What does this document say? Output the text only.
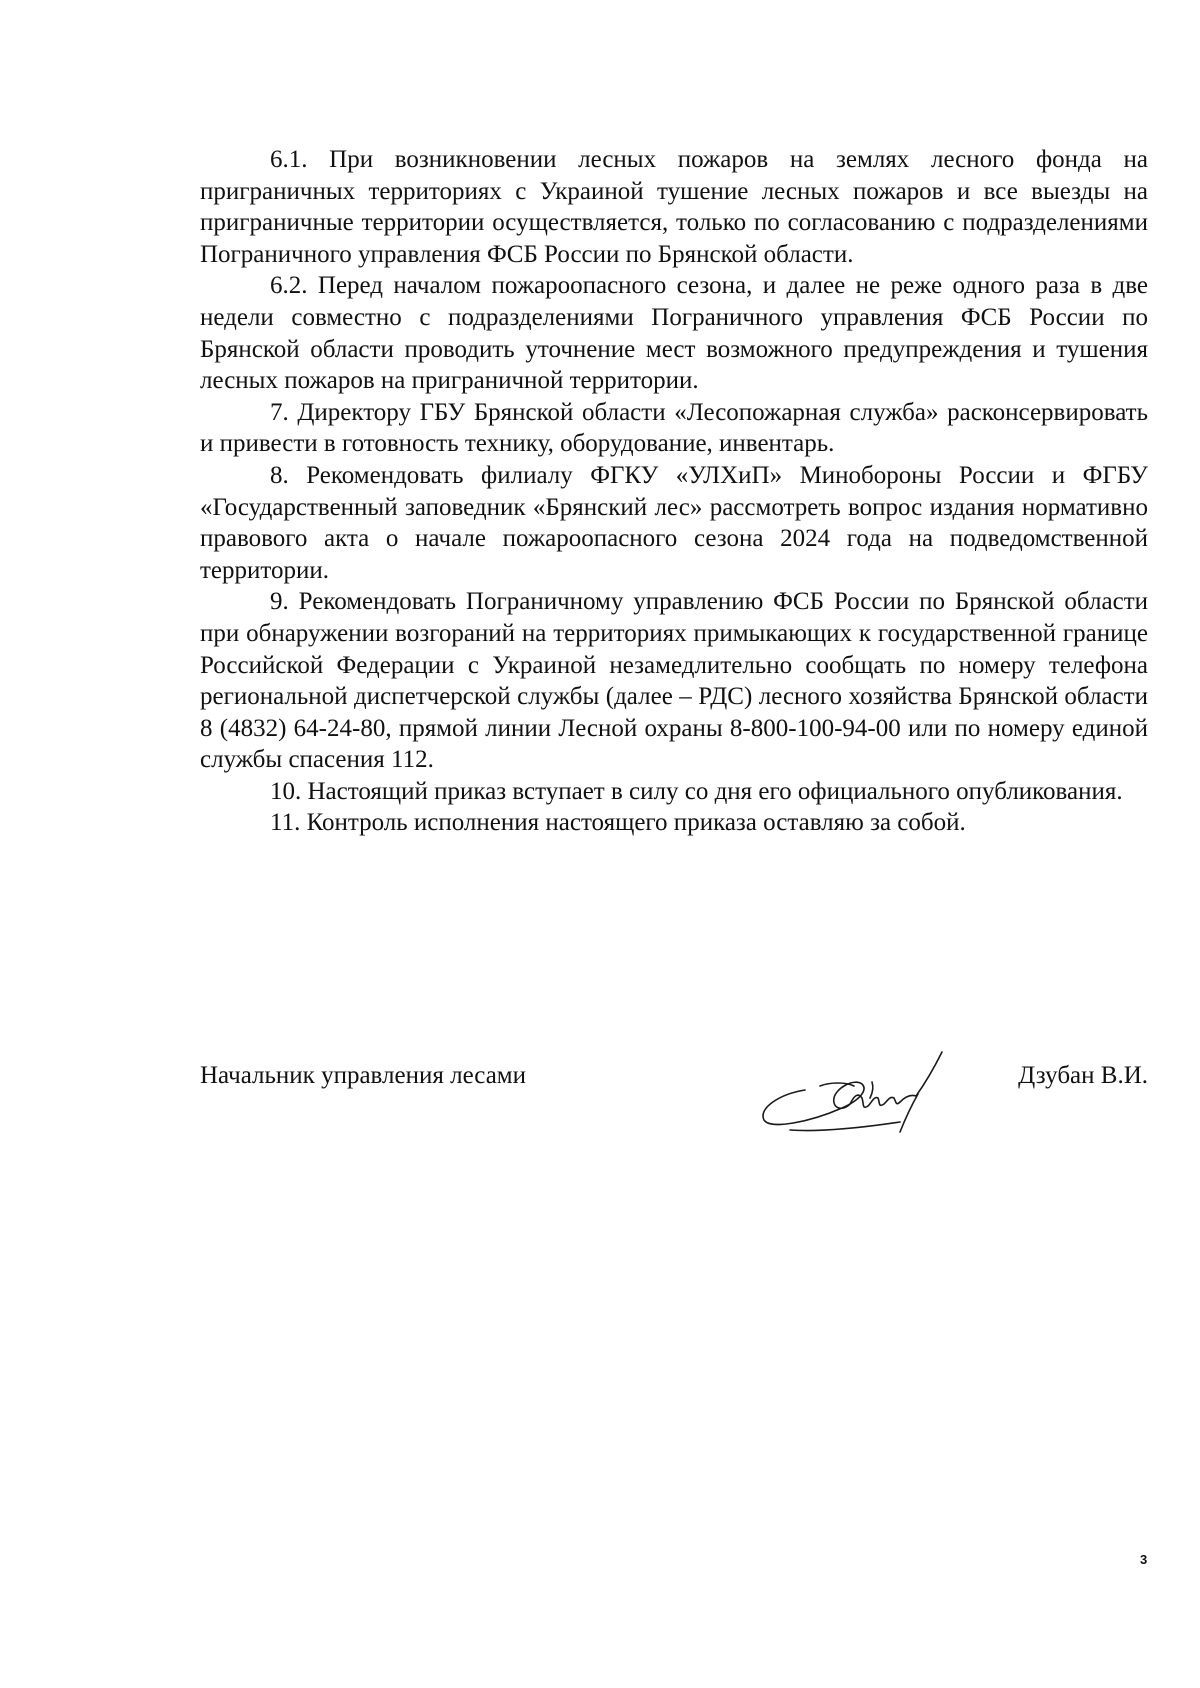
6.1. При возникновении лесных пожаров на землях лесного фонда на приграничных территориях с Украиной тушение лесных пожаров и все выезды на приграничные территории осуществляется, только по согласованию с подразделениями Пограничного управления ФСБ России по Брянской области.

6.2. Перед началом пожароопасного сезона, и далее не реже одного раза в две недели совместно с подразделениями Пограничного управления ФСБ России по Брянской области проводить уточнение мест возможного предупреждения и тушения лесных пожаров на приграничной территории.

7. Директору ГБУ Брянской области «Лесопожарная служба» расконсервировать и привести в готовность технику, оборудование, инвентарь.

8. Рекомендовать филиалу ФГКУ «УЛХиП» Минобороны России и ФГБУ «Государственный заповедник «Брянский лес» рассмотреть вопрос издания нормативно правового акта о начале пожароопасного сезона 2024 года на подведомственной территории.

9. Рекомендовать Пограничному управлению ФСБ России по Брянской области при обнаружении возгораний на территориях примыкающих к государственной границе Российской Федерации с Украиной незамедлительно сообщать по номеру телефона региональной диспетчерской службы (далее – РДС) лесного хозяйства Брянской области 8 (4832) 64-24-80, прямой линии Лесной охраны 8-800-100-94-00 или по номеру единой службы спасения 112.

10. Настоящий приказ вступает в силу со дня его официального опубликования.

11. Контроль исполнения настоящего приказа оставляю за собой.

Начальник управления лесами	Дзубан В.И.
3
